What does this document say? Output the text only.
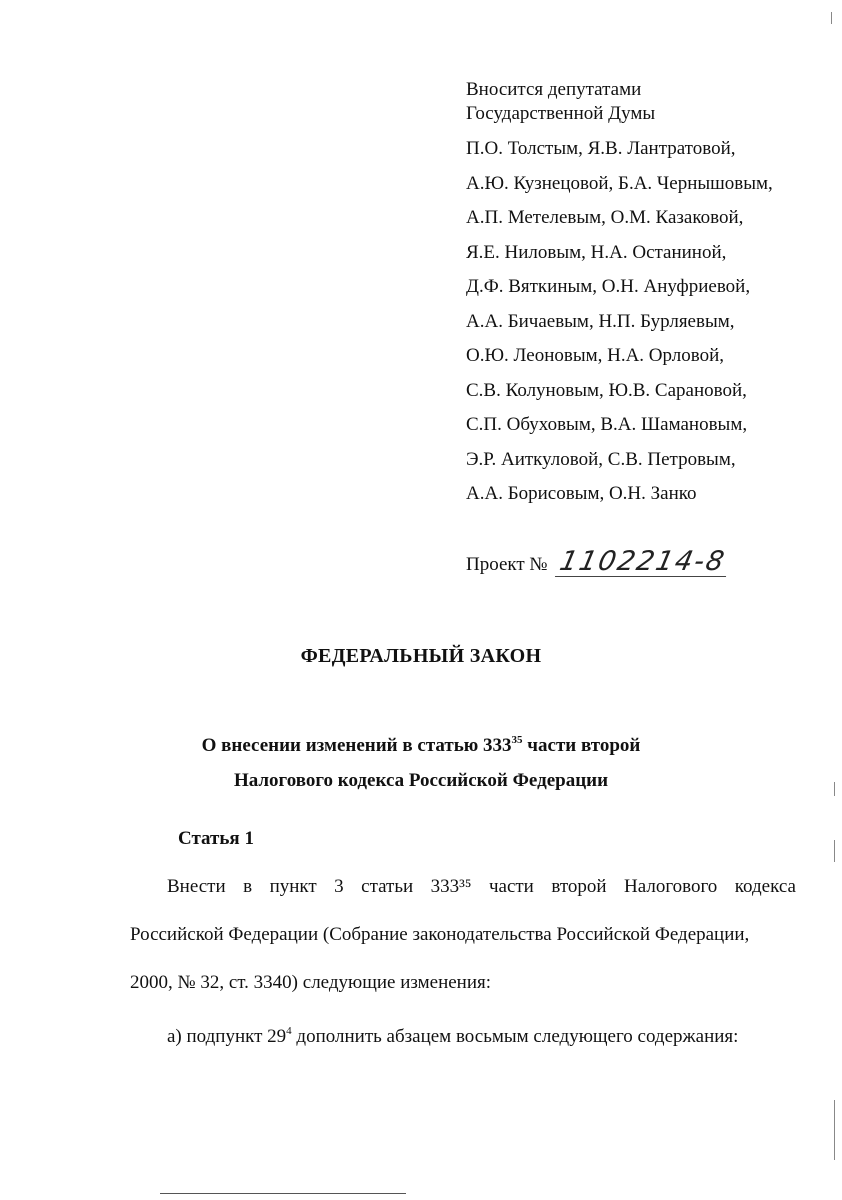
Вносится депутатами
Государственной Думы
П.О. Толстым, Я.В. Лантратовой,
А.Ю. Кузнецовой, Б.А. Чернышовым,
А.П. Метелевым, О.М. Казаковой,
Я.Е. Ниловым, Н.А. Останиной,
Д.Ф. Вяткиным, О.Н. Ануфриевой,
А.А. Бичаевым, Н.П. Бурляевым,
О.Ю. Леоновым, Н.А. Орловой,
С.В. Колуновым, Ю.В. Сарановой,
С.П. Обуховым, В.А. Шамановым,
Э.Р. Аиткуловой, С.В. Петровым,
А.А. Борисовым, О.Н. Занко
Проект № 1102214-8
ФЕДЕРАЛЬНЫЙ ЗАКОН
О внесении изменений в статью $333^{35}$ части второй
Налогового кодекса Российской Федерации
Статья 1
Внести в пункт 3 статьи 333³⁵ части второй Налогового кодекса
Российской Федерации (Собрание законодательства Российской Федерации,
2000, № 32, ст. 3340) следующие изменения:
а) подпункт $29^4$ дополнить абзацем восьмым следующего содержания:
